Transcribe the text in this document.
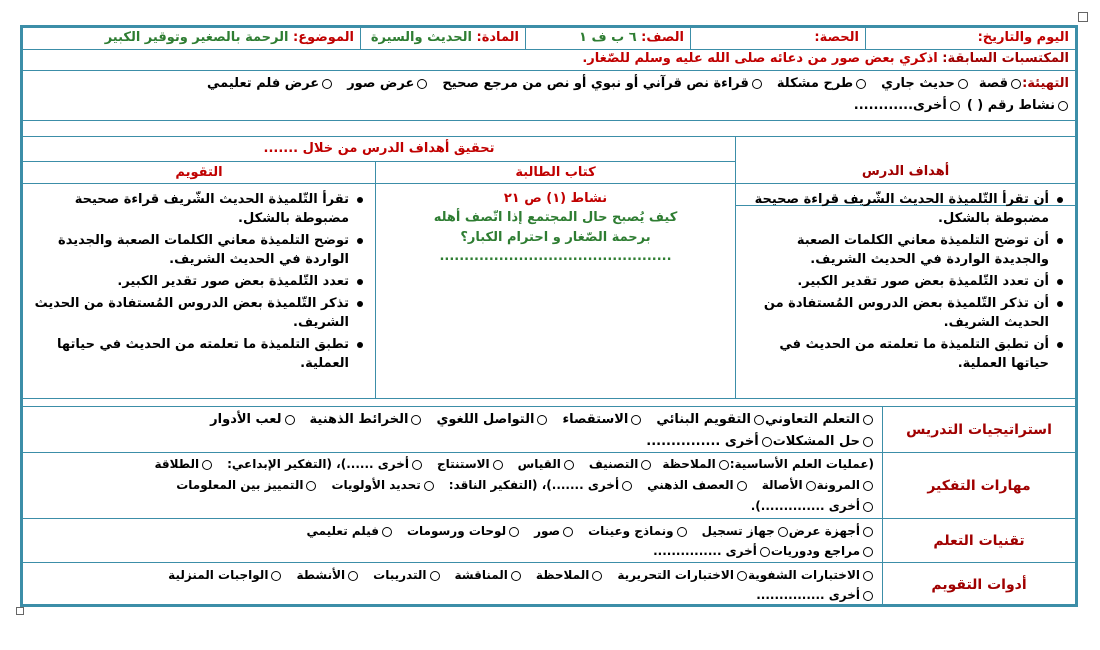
اليوم والتاريخ:
الحصة:
الصف: ٦ ب ف ١
المادة: الحديث والسيرة
الموضوع: الرحمة بالصغير وتوقير الكبير
المكتسبات السابقة: اذكري بعض صور من دعائه صلى الله عليه وسلم للصّغار.
التهيئة:قصةحديث جاريطرح مشكلةقراءة نص قرآني أو نبوي أو نص من مرجع صحيحعرض صورعرض فلم تعليمي
نشاط رقم ( )أخرى............
أهداف الدرس
تحقيق أهداف الدرس من خلال .......
كتاب الطالبة
التقويم
أن تقرأ التّلميذة الحديث الشّريف قراءة صحيحة مضبوطة بالشكل.
أن توضح التلميذة معاني الكلمات الصعبة والجديدة الواردة في الحديث الشريف.
أن تعدد التّلميذة بعض صور تقدير الكبير.
أن تذكر التّلميذة بعض الدروس المُستفادة من الحديث الشريف.
أن تطبق التلميذة ما تعلمته من الحديث في حياتها العملية.
نشاط (١) ص ٢١
كيف يُصبح حال المجتمع إذا اتّصف أهله برحمة الصّغار و احترام الكبار؟
...............................................
تقرأ التّلميذة الحديث الشّريف قراءة صحيحة مضبوطة بالشكل.
توضح التلميذة معاني الكلمات الصعبة والجديدة الواردة في الحديث الشريف.
تعدد التّلميذة بعض صور تقدير الكبير.
تذكر التّلميذة بعض الدروس المُستفادة من الحديث الشريف.
تطبق التلميذة ما تعلمته من الحديث في حياتها العملية.
استراتيجيات التدريس
التعلم التعاونيالتقويم البنائيالاستقصاءالتواصل اللغويالخرائط الذهنيةلعب الأدوار
حل المشكلاتأخرى ...............
مهارات التفكير
(عمليات العلم الأساسية:الملاحظةالتصنيفالقياسالاستنتاجأخرى ......)، (التفكير الإبداعي:الطلاقة
المرونةالأصالةالعصف الذهنيأخرى .......)، (التفكير الناقد:تحديد الأولوياتالتمييز بين المعلومات
أخرى ..............).
تقنيات التعلم
أجهزة عرضجهاز تسجيلونماذج وعيناتصورلوحات ورسوماتفيلم تعليمي
مراجع ودورياتأخرى ...............
أدوات التقويم
الاختبارات الشفويةالاختبارات التحريريةالملاحظةالمناقشةالتدريباتالأنشطةالواجبات المنزلية
أخرى ...............
